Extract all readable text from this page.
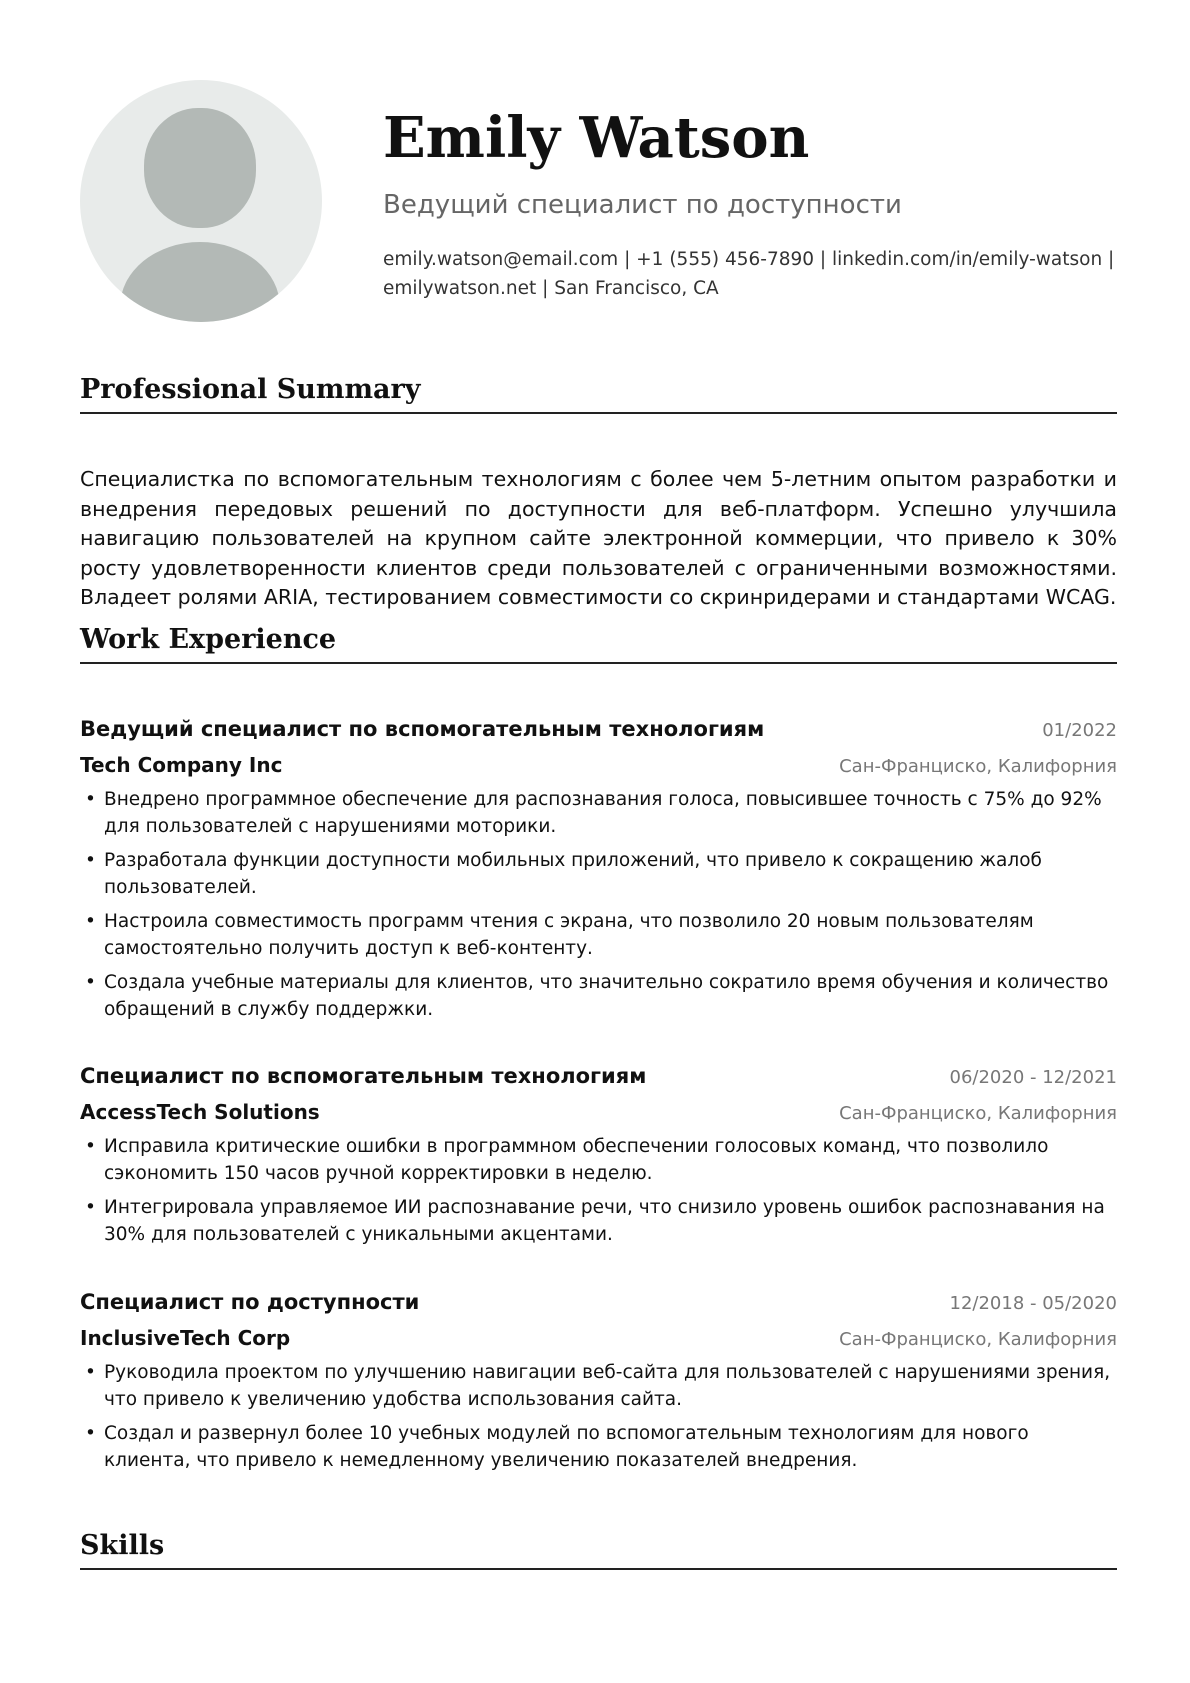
Emily Watson
Ведущий специалист по доступности
emily.watson@email.com | +1 (555) 456-7890 | linkedin.com/in/emily-watson | emilywatson.net | San Francisco, CA
Professional Summary
Специалистка по вспомогательным технологиям с более чем 5-летним опытом разработки и внедрения передовых решений по доступности для веб-платформ. Успешно улучшила навигацию пользователей на крупном сайте электронной коммерции, что привело к 30% росту удовлетворенности клиентов среди пользователей с ограниченными возможностями. Владеет ролями ARIA, тестированием совместимости со скринридерами и стандартами WCAG.
Work Experience
Ведущий специалист по вспомогательным технологиям	01/2022
Tech Company Inc	Сан-Франциско, Калифорния
• Внедрено программное обеспечение для распознавания голоса, повысившее точность с 75% до 92% для пользователей с нарушениями моторики.
• Разработала функции доступности мобильных приложений, что привело к сокращению жалоб пользователей.
• Настроила совместимость программ чтения с экрана, что позволило 20 новым пользователям самостоятельно получить доступ к веб-контенту.
• Создала учебные материалы для клиентов, что значительно сократило время обучения и количество обращений в службу поддержки.
Специалист по вспомогательным технологиям	06/2020 - 12/2021
AccessTech Solutions	Сан-Франциско, Калифорния
• Исправила критические ошибки в программном обеспечении голосовых команд, что позволило сэкономить 150 часов ручной корректировки в неделю.
• Интегрировала управляемое ИИ распознавание речи, что снизило уровень ошибок распознавания на 30% для пользователей с уникальными акцентами.
Специалист по доступности	12/2018 - 05/2020
InclusiveTech Corp	Сан-Франциско, Калифорния
• Руководила проектом по улучшению навигации веб-сайта для пользователей с нарушениями зрения, что привело к увеличению удобства использования сайта.
• Создал и развернул более 10 учебных модулей по вспомогательным технологиям для нового клиента, что привело к немедленному увеличению показателей внедрения.
Skills
